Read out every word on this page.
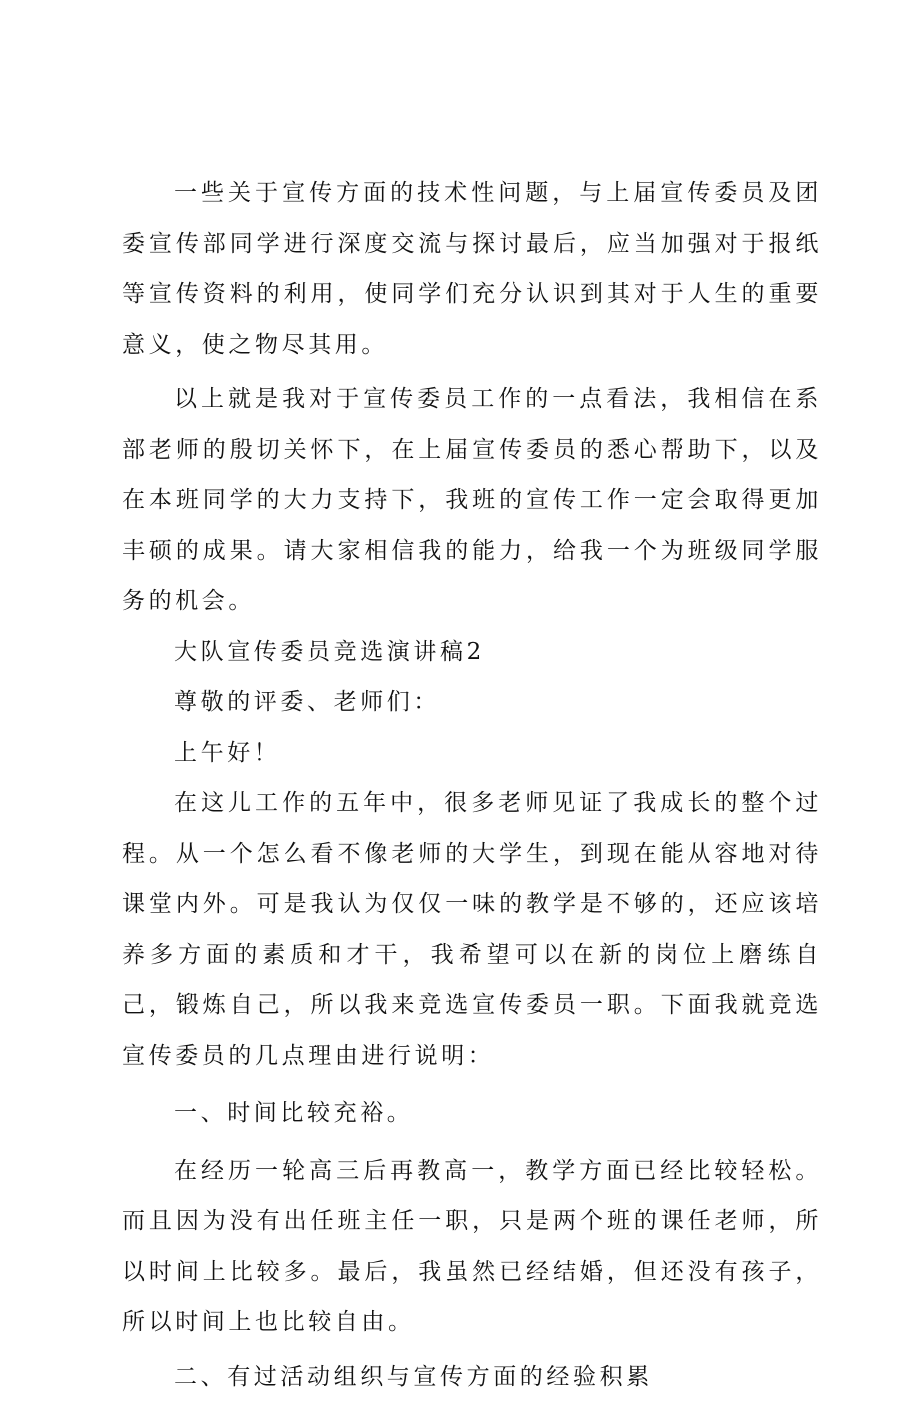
一些关于宣传方面的技术性问题，与上届宣传委员及团委宣传部同学进行深度交流与探讨最后，应当加强对于报纸等宣传资料的利用，使同学们充分认识到其对于人生的重要意义，使之物尽其用。

以上就是我对于宣传委员工作的一点看法，我相信在系部老师的殷切关怀下，在上届宣传委员的悉心帮助下，以及在本班同学的大力支持下，我班的宣传工作一定会取得更加丰硕的成果。请大家相信我的能力，给我一个为班级同学服务的机会。

大队宣传委员竞选演讲稿2

尊敬的评委、老师们：

上午好！

在这儿工作的五年中，很多老师见证了我成长的整个过程。从一个怎么看不像老师的大学生，到现在能从容地对待课堂内外。可是我认为仅仅一味的教学是不够的，还应该培养多方面的素质和才干，我希望可以在新的岗位上磨练自己，锻炼自己，所以我来竞选宣传委员一职。下面我就竞选宣传委员的几点理由进行说明：

一、时间比较充裕。

在经历一轮高三后再教高一，教学方面已经比较轻松。而且因为没有出任班主任一职，只是两个班的课任老师，所以时间上比较多。最后，我虽然已经结婚，但还没有孩子，所以时间上也比较自由。

二、有过活动组织与宣传方面的经验积累
